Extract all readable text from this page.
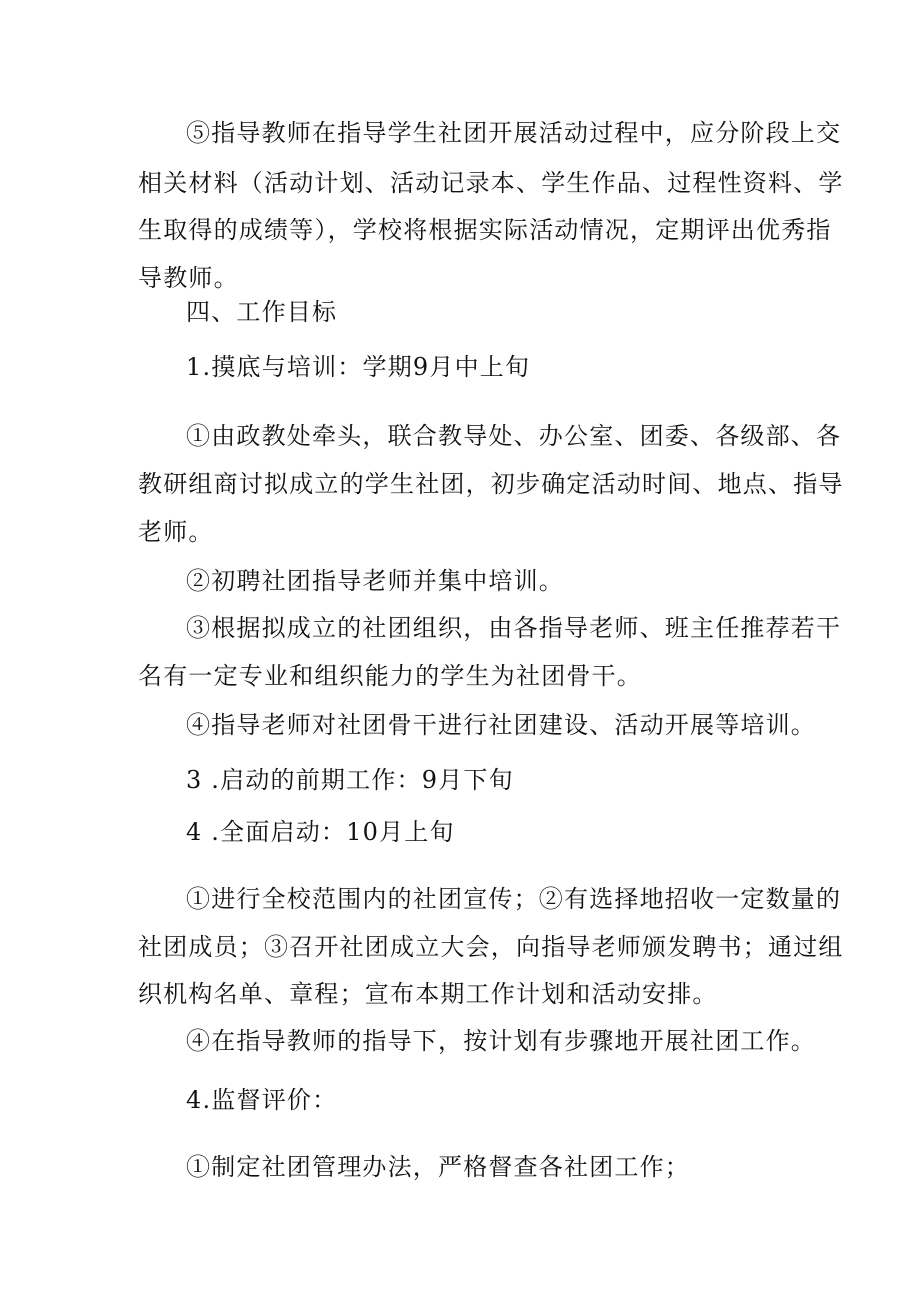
⑤指导教师在指导学生社团开展活动过程中，应分阶段上交
相关材料（活动计划、活动记录本、学生作品、过程性资料、学
生取得的成绩等），学校将根据实际活动情况，定期评出优秀指
导教师。
四、工作目标
1.摸底与培训：学期9月中上旬
①由政教处牵头，联合教导处、办公室、团委、各级部、各
教研组商讨拟成立的学生社团，初步确定活动时间、地点、指导
老师。
②初聘社团指导老师并集中培训。
③根据拟成立的社团组织，由各指导老师、班主任推荐若干
名有一定专业和组织能力的学生为社团骨干。
④指导老师对社团骨干进行社团建设、活动开展等培训。
3 .启动的前期工作：9月下旬
4 .全面启动：10月上旬
①进行全校范围内的社团宣传；②有选择地招收一定数量的
社团成员；③召开社团成立大会，向指导老师颁发聘书；通过组
织机构名单、章程；宣布本期工作计划和活动安排。
④在指导教师的指导下，按计划有步骤地开展社团工作。
4.监督评价：
①制定社团管理办法，严格督查各社团工作；
